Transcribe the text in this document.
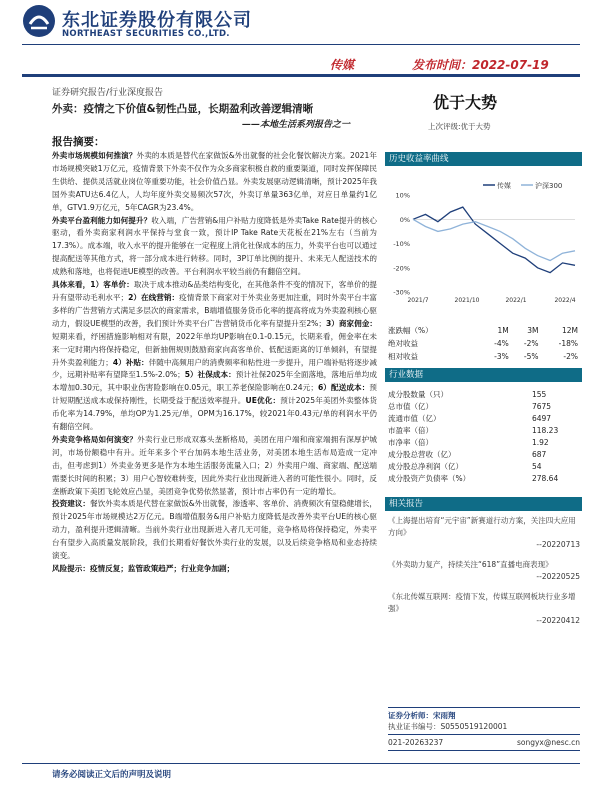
东北证券股份有限公司
NORTHEAST SECURITIES CO.,LTD.
传媒	发布时间：2022-07-19
证券研究报告/行业深度报告
外卖：疫情之下价值&韧性凸显，长期盈利改善逻辑清晰
——本地生活系列报告之一
优于大势
上次评级:优于大势
报告摘要：

外卖市场规模如何推演？外卖的本质是替代在家做饭&外出就餐的社会化餐饮解决方案。2021年市场规模突破1万亿元，疫情背景下外卖不仅作为众多商家积极自救的重要渠道，同时发挥保障民生供给、提供灵活就业岗位等重要功能，社会价值凸显。外卖发展驱动逻辑清晰，预计2025年我国外卖ATU达6.4亿人，人均年度外卖交易频次57次，外卖订单量363亿单，对应日单量约1亿单，GTV1.9万亿元，5年CAGR为23.4%。

外卖平台盈利能力如何提升？收入端，广告营销&用户补贴力度降低是外卖Take Rate提升的核心驱动，看外卖商家利润水平保持与堂食一致，预计IP Take Rate天花板在21%左右（当前为17.3%）。成本端，收入水平的提升能够在一定程度上消化社保成本的压力，外卖平台也可以通过提高配送等其他方式，将一部分成本进行转移。同时，3P订单比例的提升、未来无人配送技术的成熟和落地，也将促进UE模型的改善。平台利润水平较当前仍有翻倍空间。

具体来看，1）客单价：取决于成本推动&品类结构变化，在其他条件不变的情况下，客单价的提升有望带动毛利水平；2）在线营销：疫情背景下商家对于外卖业务更加注重，同时外卖平台丰富多样的广告营销方式满足多层次的商家需求，B端增值服务货币化率的提高将成为外卖盈利核心驱动力，假设UE模型的改善，我们预计外卖平台广告营销货币化率有望提升至2%；3）商家佣金：短期来看，纾困措施影响相对有限，2022年单均UP影响在0.1-0.15元，长期来看，佣金率在未来一定时期内将保持稳定，但新抽佣规则鼓励商家向高客单价、低配送距离的订单倾斜，有望提升外卖盈利能力；4）补贴：伴随中高频用户的消费频率和粘性进一步提升，用户端补贴将逐步减少，远期补贴率有望降至1.5%-2.0%；5）社保成本：预计社保2025年全面落地，落地后单均成本增加0.30元，其中职业伤害险影响在0.05元，职工养老保险影响在0.24元；6）配送成本：预计短期配送成本或保持刚性，长期受益于配送效率提升。UE优化：预计2025年美团外卖整体货币化率为14.79%，单均OP为1.25元/单，OPM为16.17%，较2021年0.43元/单的利润水平仍有翻倍空间。

外卖竞争格局如何演变？外卖行业已形成双寡头垄断格局，美团在用户端和商家端拥有深厚护城河，市场份额稳中有升。近年来多个平台加码本地生活业务，对美团本地生活布局造成一定冲击，但考虑到1）外卖业务更多是作为本地生活服务流量入口；2）外卖用户端、商家端、配送端需要长时间的积累；3）用户心智较难转变，因此外卖行业出现新进入者的可能性很小。同时，反垄断政策下美团飞轮效应凸显，美团竞争优势依然显著，预计市占率仍有一定的增长。

投资建议：餐饮外卖本质是代替在家做饭&外出就餐，渗透率、客单价、消费频次有望稳健增长，预计2025年市场规模达2万亿元。B端增值服务&用户补贴力度降低是改善外卖平台UE的核心驱动力，盈利提升逻辑清晰。当前外卖行业出现新进入者几无可能，竞争格局将保持稳定，外卖平台有望步入高质量发展阶段，我们长期看好餐饮外卖行业的发展，以及后续竞争格局和业态持续演变。

风险提示：疫情反复；监管政策趋严；行业竞争加剧；

历史收益率曲线
10%
0%
-10%
-20%
-30%
2021/7	2021/10	2022/1	2022/4
传媒	沪深300
涨跌幅（%）	1M	3M	12M
绝对收益	-4%	-2%	-18%
相对收益	-3%	-5%	-2%
行业数据
成分股数量（只）	155
总市值（亿）	7675
流通市值（亿）	6497
市盈率（倍）	118.23
市净率（倍）	1.92
成分股总营收（亿）	687
成分股总净利润（亿）	54
成分股资产负债率（%）	278.64
相关报告

《上海提出培育“元宇宙”新赛道行动方案，关注四大应用方向》

--20220713

《外卖助力复产，持续关注“618”直播电商表现》

--20220525

《东北传媒互联网：疫情下发，传媒互联网板块行业多增强》

--20220412

证券分析师：宋雨翔
执业证书编号：S0550519120001
021-20263237	songyx@nesc.cn
请务必阅读正文后的声明及说明
